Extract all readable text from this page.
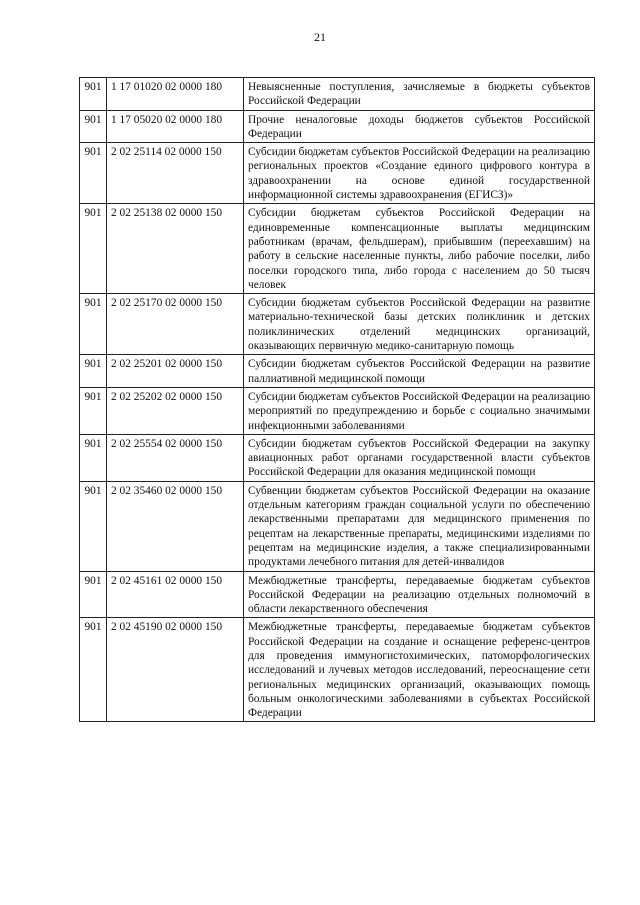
21
901	1 17 01020 02 0000 180	Невыясненные поступления, зачисляемые в бюджеты субъектов Российской Федерации
901	1 17 05020 02 0000 180	Прочие неналоговые доходы бюджетов субъектов Российской Федерации
901	2 02 25114 02 0000 150	Субсидии бюджетам субъектов Российской Федерации на реализацию региональных проектов «Создание единого цифрового контура в здравоохранении на основе единой государственной информационной системы здравоохранения (ЕГИСЗ)»
901	2 02 25138 02 0000 150	Субсидии бюджетам субъектов Российской Федерации на единовременные компенсационные выплаты медицинским работникам (врачам, фельдшерам), прибывшим (переехавшим) на работу в сельские населенные пункты, либо рабочие поселки, либо поселки городского типа, либо города с населением до 50 тысяч человек
901	2 02 25170 02 0000 150	Субсидии бюджетам субъектов Российской Федерации на развитие материально-технической базы детских поликлиник и детских поликлинических отделений медицинских организаций, оказывающих первичную медико-санитарную помощь
901	2 02 25201 02 0000 150	Субсидии бюджетам субъектов Российской Федерации на развитие паллиативной медицинской помощи
901	2 02 25202 02 0000 150	Субсидии бюджетам субъектов Российской Федерации на реализацию мероприятий по предупреждению и борьбе с социально значимыми инфекционными заболеваниями
901	2 02 25554 02 0000 150	Субсидии бюджетам субъектов Российской Федерации на закупку авиационных работ органами государственной власти субъектов Российской Федерации для оказания медицинской помощи
901	2 02 35460 02 0000 150	Субвенции бюджетам субъектов Российской Федерации на оказание отдельным категориям граждан социальной услуги по обеспечению лекарственными препаратами для медицинского применения по рецептам на лекарственные препараты, медицинскими изделиями по рецептам на медицинские изделия, а также специализированными продуктами лечебного питания для детей-инвалидов
901	2 02 45161 02 0000 150	Межбюджетные трансферты, передаваемые бюджетам субъектов Российской Федерации на реализацию отдельных полномочий в области лекарственного обеспечения
901	2 02 45190 02 0000 150	Межбюджетные трансферты, передаваемые бюджетам субъектов Российской Федерации на создание и оснащение референс-центров для проведения иммуногистохимических, патоморфологических исследований и лучевых методов исследований, переоснащение сети региональных медицинских организаций, оказывающих помощь больным онкологическими заболеваниями в субъектах Российской Федерации
